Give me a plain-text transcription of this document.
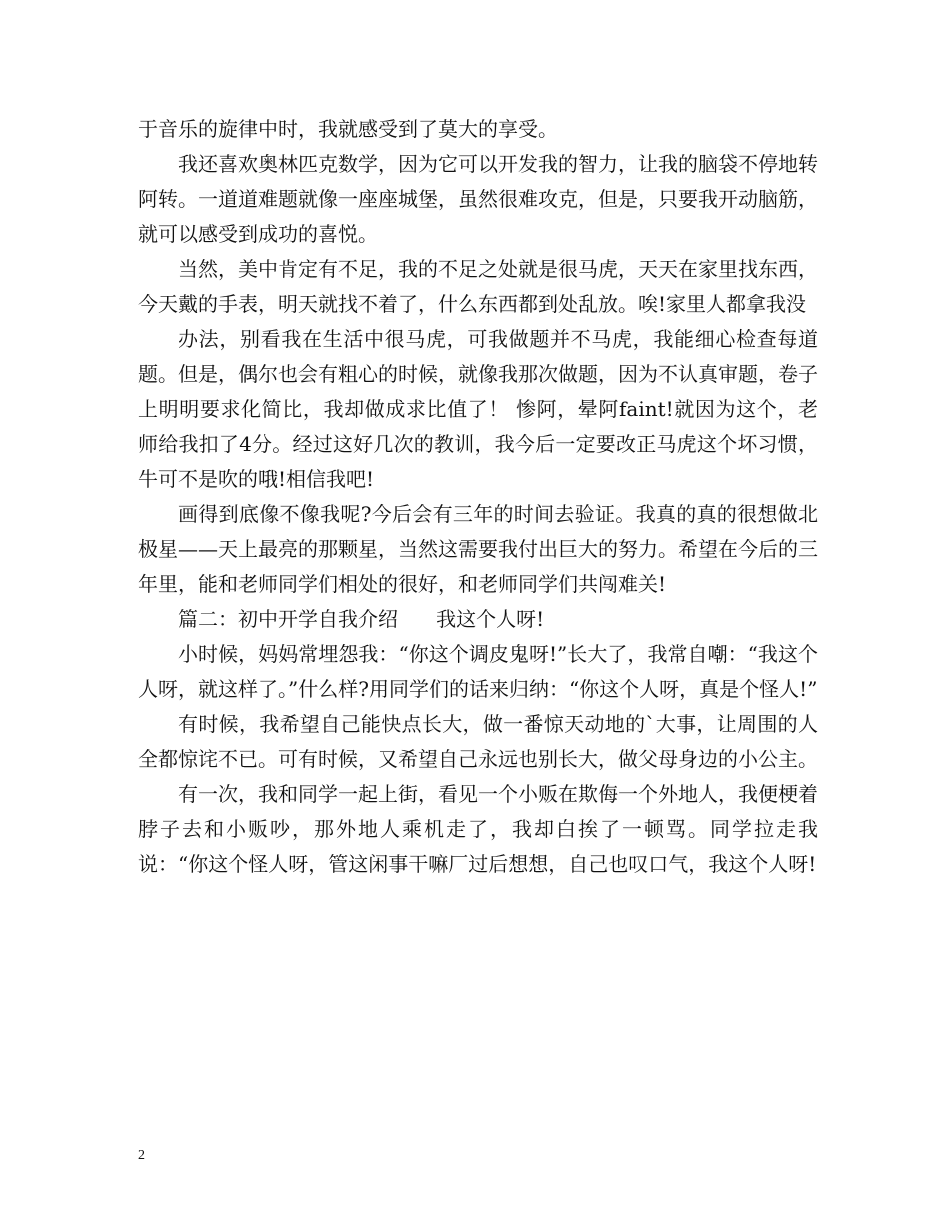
于音乐的旋律中时，我就感受到了莫大的享受。

我还喜欢奥林匹克数学，因为它可以开发我的智力，让我的脑袋不停地转阿转。一道道难题就像一座座城堡，虽然很难攻克，但是，只要我开动脑筋，就可以感受到成功的喜悦。

当然，美中肯定有不足，我的不足之处就是很马虎，天天在家里找东西，今天戴的手表，明天就找不着了，什么东西都到处乱放。唉!家里人都拿我没

办法，别看我在生活中很马虎，可我做题并不马虎，我能细心检查每道题。但是，偶尔也会有粗心的时候，就像我那次做题，因为不认真审题，卷子上明明要求化简比，我却做成求比值了！ 惨阿，晕阿faint!就因为这个，老师给我扣了4分。经过这好几次的教训，我今后一定要改正马虎这个坏习惯，牛可不是吹的哦!相信我吧!

画得到底像不像我呢?今后会有三年的时间去验证。我真的真的很想做北极星——天上最亮的那颗星，当然这需要我付出巨大的努力。希望在今后的三年里，能和老师同学们相处的很好，和老师同学们共闯难关!

篇二：初中开学自我介绍      我这个人呀!

小时候，妈妈常埋怨我：“你这个调皮鬼呀!”长大了，我常自嘲：“我这个人呀，就这样了。”什么样?用同学们的话来归纳：“你这个人呀，真是个怪人!”

有时候，我希望自己能快点长大，做一番惊天动地的`大事，让周围的人全都惊诧不已。可有时候，又希望自己永远也别长大，做父母身边的小公主。

有一次，我和同学一起上街，看见一个小贩在欺侮一个外地人，我便梗着脖子去和小贩吵，那外地人乘机走了，我却白挨了一顿骂。同学拉走我说：“你这个怪人呀，管这闲事干嘛厂过后想想，自己也叹口气，我这个人呀!

2
